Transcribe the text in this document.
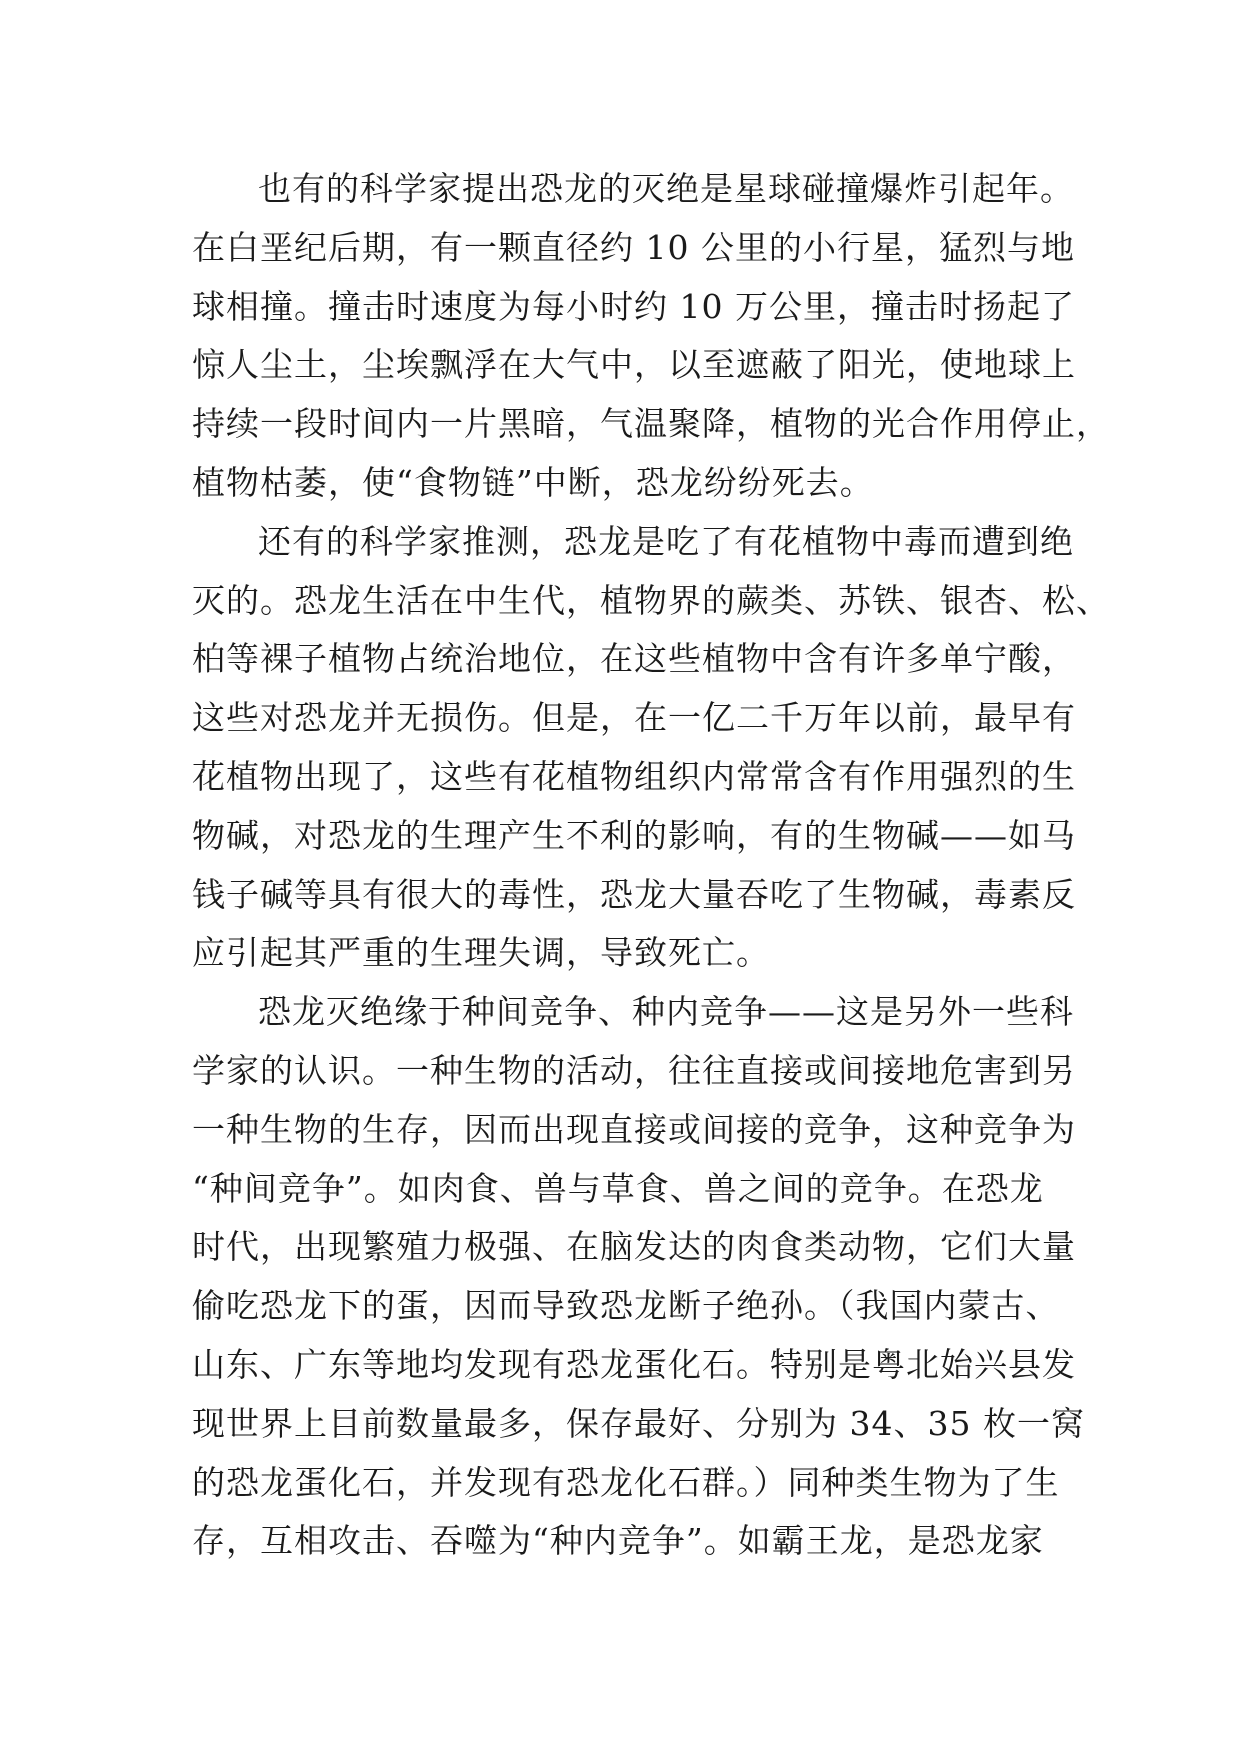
也有的科学家提出恐龙的灭绝是星球碰撞爆炸引起年。
在白垩纪后期，有一颗直径约 10 公里的小行星，猛烈与地
球相撞。撞击时速度为每小时约 10 万公里，撞击时扬起了
惊人尘土，尘埃飘浮在大气中，以至遮蔽了阳光，使地球上
持续一段时间内一片黑暗，气温聚降，植物的光合作用停止，
植物枯萎，使“食物链”中断，恐龙纷纷死去。

还有的科学家推测，恐龙是吃了有花植物中毒而遭到绝
灭的。恐龙生活在中生代，植物界的蕨类、苏铁、银杏、松、
柏等裸子植物占统治地位，在这些植物中含有许多单宁酸，
这些对恐龙并无损伤。但是，在一亿二千万年以前，最早有
花植物出现了，这些有花植物组织内常常含有作用强烈的生
物碱，对恐龙的生理产生不利的影响，有的生物碱——如马
钱子碱等具有很大的毒性，恐龙大量吞吃了生物碱，毒素反
应引起其严重的生理失调，导致死亡。

恐龙灭绝缘于种间竞争、种内竞争——这是另外一些科
学家的认识。一种生物的活动，往往直接或间接地危害到另
一种生物的生存，因而出现直接或间接的竞争，这种竞争为
“种间竞争”。如肉食、兽与草食、兽之间的竞争。在恐龙
时代，出现繁殖力极强、在脑发达的肉食类动物，它们大量
偷吃恐龙下的蛋，因而导致恐龙断子绝孙。（我国内蒙古、
山东、广东等地均发现有恐龙蛋化石。特别是粤北始兴县发
现世界上目前数量最多，保存最好、分别为 34、35 枚一窝
的恐龙蛋化石，并发现有恐龙化石群。）同种类生物为了生
存，互相攻击、吞噬为“种内竞争”。如霸王龙，是恐龙家
